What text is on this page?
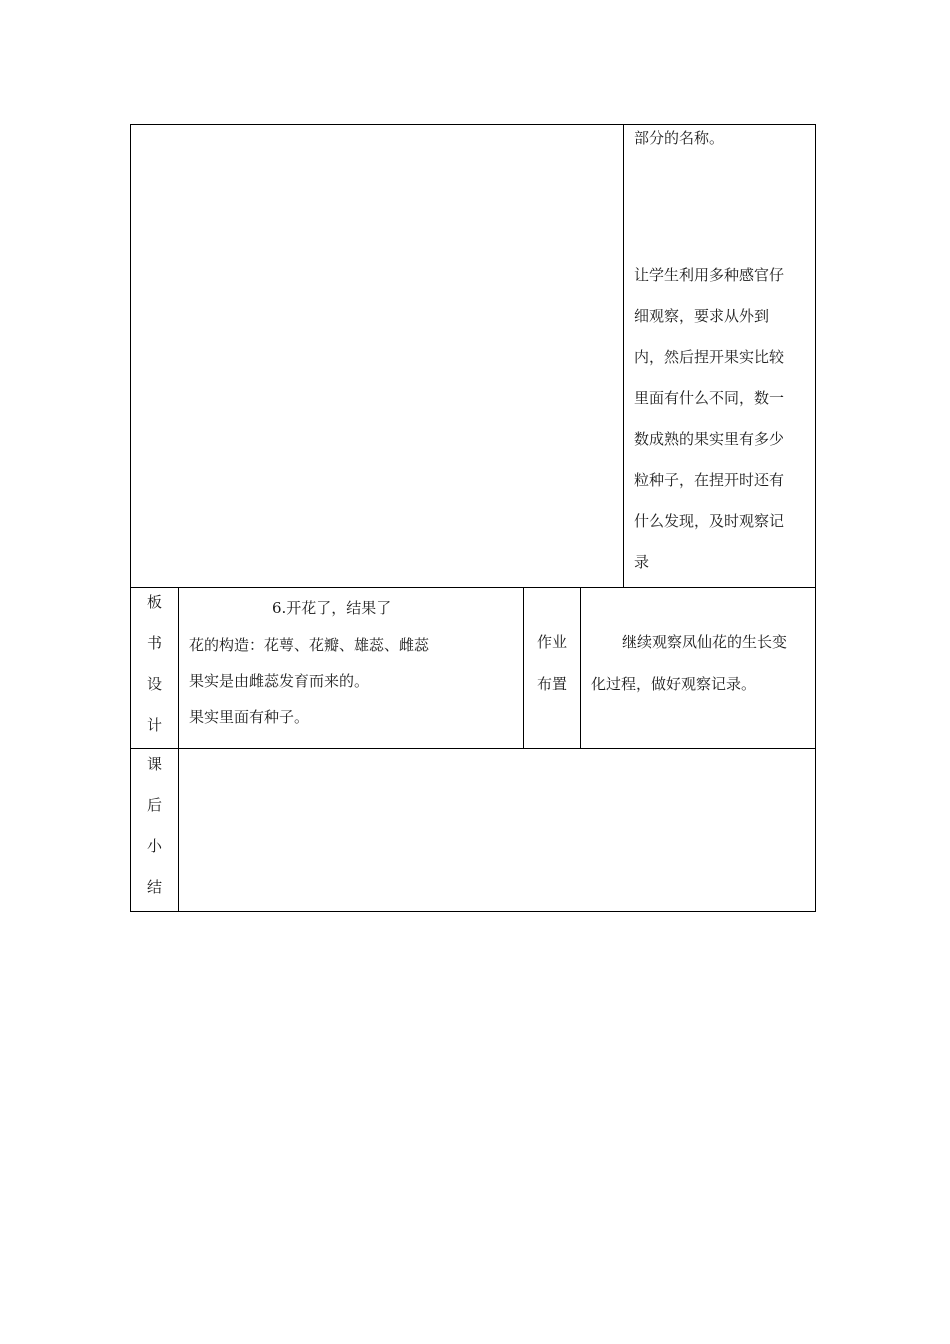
部分的名称。
让学生利用多种感官仔
细观察，要求从外到
内，然后捏开果实比较
里面有什么不同，数一
数成熟的果实里有多少
粒种子，在捏开时还有
什么发现，及时观察记
录
板
书
设
计
6.开花了，结果了
花的构造：花萼、花瓣、雄蕊、雌蕊
果实是由雌蕊发育而来的。
果实里面有种子。
作业
布置
继续观察凤仙花的生长变
化过程，做好观察记录。
课
后
小
结
